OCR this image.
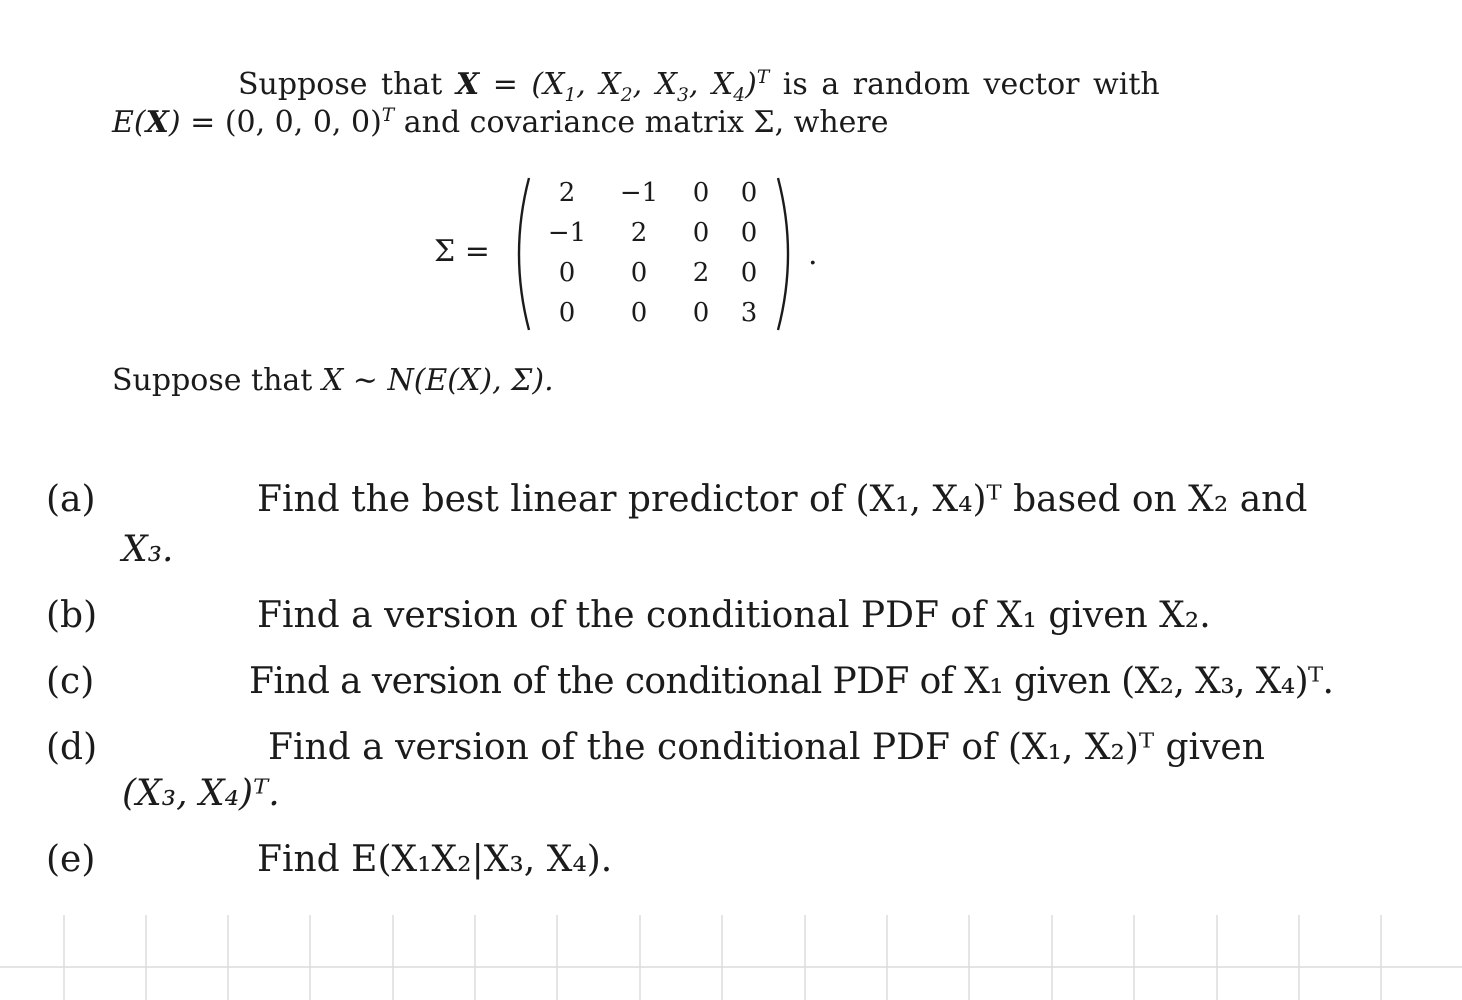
Suppose that $X = (X_1$, $X_2$, $X_3$, $X_4)^T$ is a random vector with
E(X) = (0, 0, 0, 0)$^T$ and covariance matrix Σ, where
Σ =
2	−1	0	0
−1	2	0	0
0	0	2	0
0	0	0	3
.
Suppose that X ∼ N(E(X), Σ).
(a)	Find the best linear predictor of (X₁, X₄)ᵀ based on X₂ and
X₃.
(b)	Find a version of the conditional PDF of X₁ given X₂.
(c)	Find a version of the conditional PDF of X₁ given (X₂, X₃, X₄)ᵀ.
(d)	Find a version of the conditional PDF of (X₁, X₂)ᵀ given
(X₃, X₄)ᵀ.
(e)	Find E(X₁X₂|X₃, X₄).
